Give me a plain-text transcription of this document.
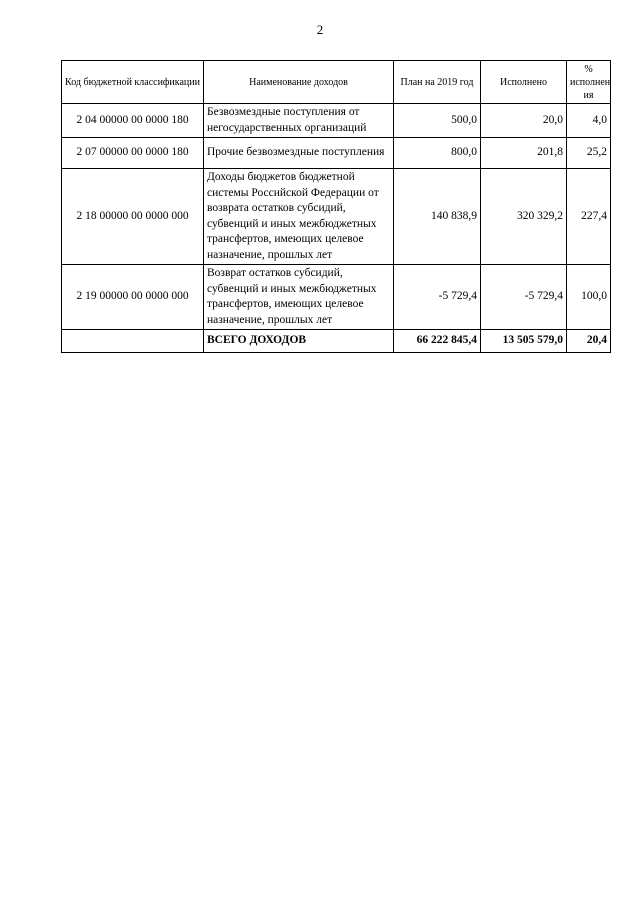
2
Код бюджетной классификации	Наименование доходов	План на 2019 год	Исполнено	% исполнен ия
2 04 00000 00 0000 180	Безвозмездные поступления от негосударственных организаций	500,0	20,0	4,0
2 07 00000 00 0000 180	Прочие безвозмездные поступления	800,0	201,8	25,2
2 18 00000 00 0000 000	Доходы бюджетов бюджетной системы Российской Федерации от возврата остатков субсидий, субвенций и иных межбюджетных трансфертов, имеющих целевое назначение, прошлых лет	140 838,9	320 329,2	227,4
2 19 00000 00 0000 000	Возврат остатков субсидий, субвенций и иных межбюджетных трансфертов, имеющих целевое назначение, прошлых лет	-5 729,4	-5 729,4	100,0
	ВСЕГО ДОХОДОВ	66 222 845,4	13 505 579,0	20,4
